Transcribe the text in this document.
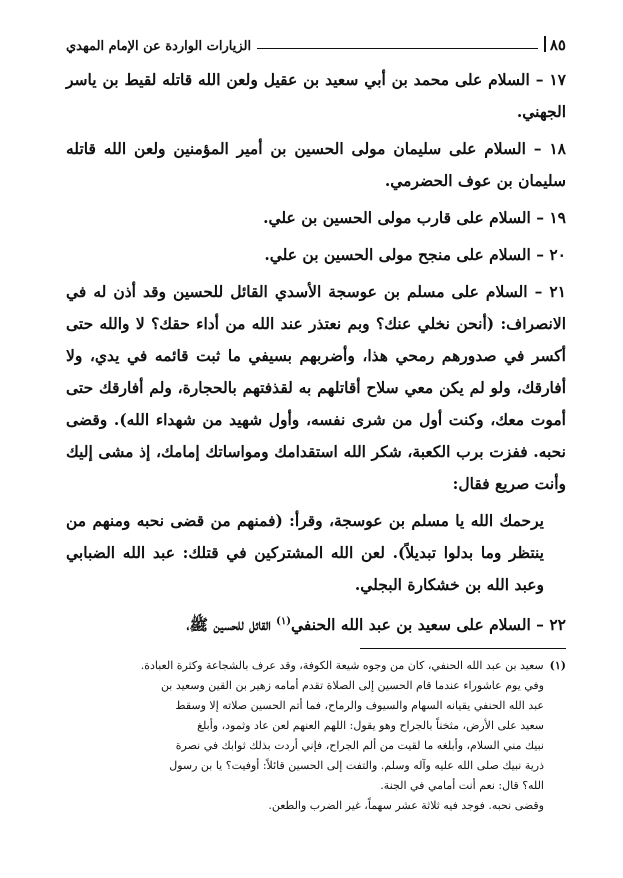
٨٥
الزيارات الواردة عن الإمام المهدي

١٧ – السلام على محمد بن أبي سعيد بن عقيل ولعن الله قاتله لقيط بن ياسر الجهني.

١٨ – السلام على سليمان مولى الحسين بن أمير المؤمنين ولعن الله قاتله سليمان بن عوف الحضرمي.

١٩ – السلام على قارب مولى الحسين بن علي.

٢٠ – السلام على منجح مولى الحسين بن علي.

٢١ – السلام على مسلم بن عوسجة الأسدي القائل للحسين وقد أذن له في الانصراف: (أنحن نخلي عنك؟ وبم نعتذر عند الله من أداء حقك؟ لا والله حتى أكسر في صدورهم رمحي هذا، وأضربهم بسيفي ما ثبت قائمه في يدي، ولا أفارقك، ولو لم يكن معي سلاح أقاتلهم به لقذفتهم بالحجارة، ولم أفارقك حتى أموت معك، وكنت أول من شرى نفسه، وأول شهيد من شهداء الله). وقضى نحبه. ففزت برب الكعبة، شكر الله استقدامك ومواساتك إمامك، إذ مشى إليك وأنت صريع فقال:

يرحمك الله يا مسلم بن عوسجة، وقرأ: (فمنهم من قضى نحبه ومنهم من ينتظر وما بدلوا تبديلاً). لعن الله المشتركين في قتلك: عبد الله الضبابي وعبد الله بن خشكارة البجلي.

٢٢ – السلام على سعيد بن عبد الله الحنفي$^{(١)}$ القائل للحسين ﷺ،

(١)سعيد بن عبد الله الحنفي، كان من وجوه شيعة الكوفة، وقد عرف بالشجاعة وكثرة العبادة.

وفي يوم عاشوراء عندما قام الحسين إلى الصلاة تقدم أمامه زهير بن القين وسعيد بن

عبد الله الحنفي يقيانه السهام والسيوف والرماح، فما أتم الحسين صلاته إلا وسقط

سعيد على الأرض، مثخناً بالجراح وهو يقول: اللهم العنهم لعن عاد وثمود، وأبلغ

نبيك مني السلام، وأبلغه ما لقيت من ألم الجراح، فإني أردت بذلك ثوابك في نصرة

ذرية نبيك صلى الله عليه وآله وسلم. والتفت إلى الحسين قائلاً: أوفيت؟ يا بن رسول

الله؟ قال: نعم أنت أمامي في الجنة.

وقضى نحبه. فوجد فيه ثلاثة عشر سهماً، غير الضرب والطعن.
